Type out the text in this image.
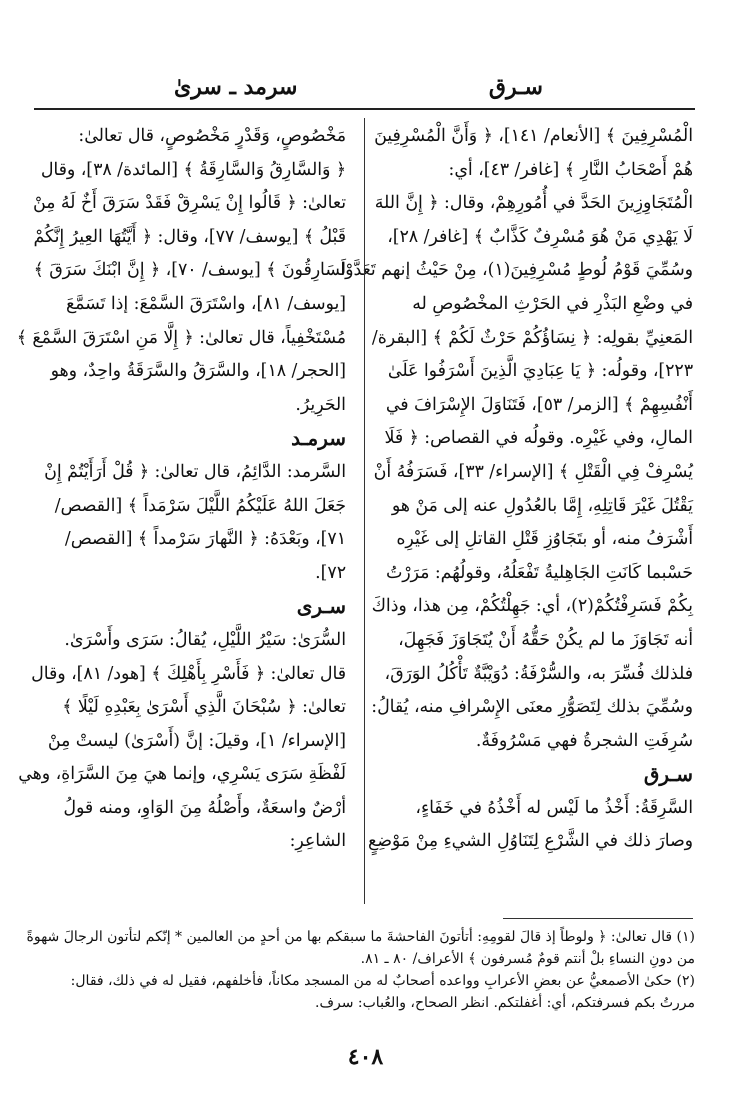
سـرق
سرمد ـ سرىٰ
الْمُسْرِفِينَ ﴾ [الأنعام/ ١٤١]، ﴿ وَأَنَّ الْمُسْرِفِينَ
هُمْ أَصْحَابُ النَّارِ ﴾ [غافر/ ٤٣]، أي:
الْمُتَجَاوِزِينَ الحَدَّ في أُمُورِهِمْ، وقال: ﴿ إِنَّ اللهَ
لَا يَهْدِي مَنْ هُوَ مُسْرِفٌ كَذَّابٌ ﴾ [غافر/ ٢٨]،
وسُمِّيَ قَوْمُ لُوطٍ مُسْرِفِينَ(١)، مِنْ حَيْثُ إنهم تَعَدَّوْا
في وضْعِ البَذْرِ في الحَرْثِ المخْصُوصِ له
المَعنِيِّ بقولِه: ﴿ نِسَاؤُكُمْ حَرْثٌ لَكُمْ ﴾ [البقرة/
٢٢٣]، وقولُه: ﴿ يَا عِبَادِيَ الَّذِينَ أَسْرَفُوا عَلَىٰ
أَنْفُسِهِمْ ﴾ [الزمر/ ٥٣]، فَتَنَاوَلَ الإِسْرَافَ في
المالِ، وفي غَيْرِه. وقولُه في القصاص: ﴿ فَلَا
يُسْرِفْ فِي الْقَتْلِ ﴾ [الإسراء/ ٣٣]، فَسَرَفُهُ أَنْ
يَقْتُلَ غَيْرَ قَاتِلِهِ، إِمَّا بالعُدُولِ عنه إلى مَنْ هو
أَشْرَفُ منه، أو بتَجَاوُزِ قَتْلِ القاتلِ إلى غَيْرِه
حَسْبما كَانَتِ الجَاهِليةُ تَفْعَلُهُ، وقولُهُم: مَرَرْتُ
بِكُمْ فَسَرِفْتُكُمْ(٢)، أي: جَهِلْتُكُمْ، مِن هذا، وذاكَ
أنه تَجَاوَزَ ما لم يكُنْ حَقُّهُ أَنْ يُتَجَاوَزَ فَجَهِلَ،
فلذلك فُسِّرَ به، والسُّرْفَةُ: دُوَيْبَّةٌ تَأْكُلُ الوَرَقَ،
وسُمِّيَ بذلك لِتَصَوُّرِ معنَى الإِسْرافِ منه، يُقالُ:
سُرِفَتِ الشجرةُ فهي مَسْرُوفَةٌ.
سـرق
السَّرِقَةُ: أَخْذُ ما لَيْس له أَخْذُهُ في خَفَاءٍ،
وصارَ ذلك في الشَّرْعِ لِتَنَاوُلِ الشيءِ مِنْ مَوْضِعٍ
مَخْصُوصٍ، وَقَدْرٍ مَخْصُوصٍ، قال تعالىٰ:
﴿ وَالسَّارِقُ وَالسَّارِقَةُ ﴾ [المائدة/ ٣٨]، وقال
تعالىٰ: ﴿ قَالُوا إِنْ يَسْرِقْ فَقَدْ سَرَقَ أَخٌ لَهُ مِنْ
قَبْلُ ﴾ [يوسف/ ٧٧]، وقال: ﴿ أَيَّتُهَا العِيرُ إِنَّكُمْ
لَسَارِقُونَ ﴾ [يوسف/ ٧٠]، ﴿ إِنَّ ابْنَكَ سَرَقَ ﴾
[يوسف/ ٨١]، واسْتَرَقَ السَّمْعَ: إذا تَسَمَّعَ
مُسْتَخْفِياً، قال تعالىٰ: ﴿ إِلَّا مَنِ اسْتَرَقَ السَّمْعَ ﴾
[الحجر/ ١٨]، والسَّرَقُ والسَّرَقَةُ واحِدٌ، وهو
الحَرِيرُ.
سرمـد
السَّرمد: الدَّائِمُ، قال تعالىٰ: ﴿ قُلْ أَرَأَيْتُمْ إِنْ
جَعَلَ اللهُ عَلَيْكُمُ اللَّيْلَ سَرْمَداً ﴾ [القصص/
٧١]، وبَعْدَهُ: ﴿ النَّهارَ سَرْمداً ﴾ [القصص/
٧٢].
سـرى
السُّرَىٰ: سَيْرُ اللَّيْلِ، يُقالُ: سَرَى وأَسْرَىٰ.
قال تعالىٰ: ﴿ فَأَسْرِ بِأَهْلِكَ ﴾ [هود/ ٨١]، وقال
تعالىٰ: ﴿ سُبْحَانَ الَّذِي أَسْرَىٰ بِعَبْدِهِ لَيْلًا ﴾
[الإسراء/ ١]، وقيلَ: إنَّ (أَسْرَىٰ) ليستْ مِنْ
لَفْظَةِ سَرَى يَسْرِي، وإنما هيَ مِنَ السَّرَاةِ، وهي
أرْضٌ واسعَةٌ، وأَصْلُهُ مِنَ الوَاوِ، ومنه قولُ
الشاعِرِ:
(١) قال تعالىٰ: ﴿ ولوطاً إذ قالَ لقومِهِ: أتأتونَ الفاحشةَ ما سبقكم بها من أحدٍ من العالمين * إنّكم لتأتون الرجالَ شهوةً
من دونِ النساءِ بلْ أنتم قومٌ مُسرفون ﴾ الأعراف/ ٨٠ ـ ٨١.
(٢) حكىٰ الأصمعيُّ عن بعضِ الأعرابِ وواعده أصحابٌ له من المسجد مكاناً، فأخلفهم، فقيل له في ذلك، فقال:
مررتُ بكم فسرفتكم، أي: أغفلتكم. انظر الصحاح، والعُباب: سرف.
٤٠٨
